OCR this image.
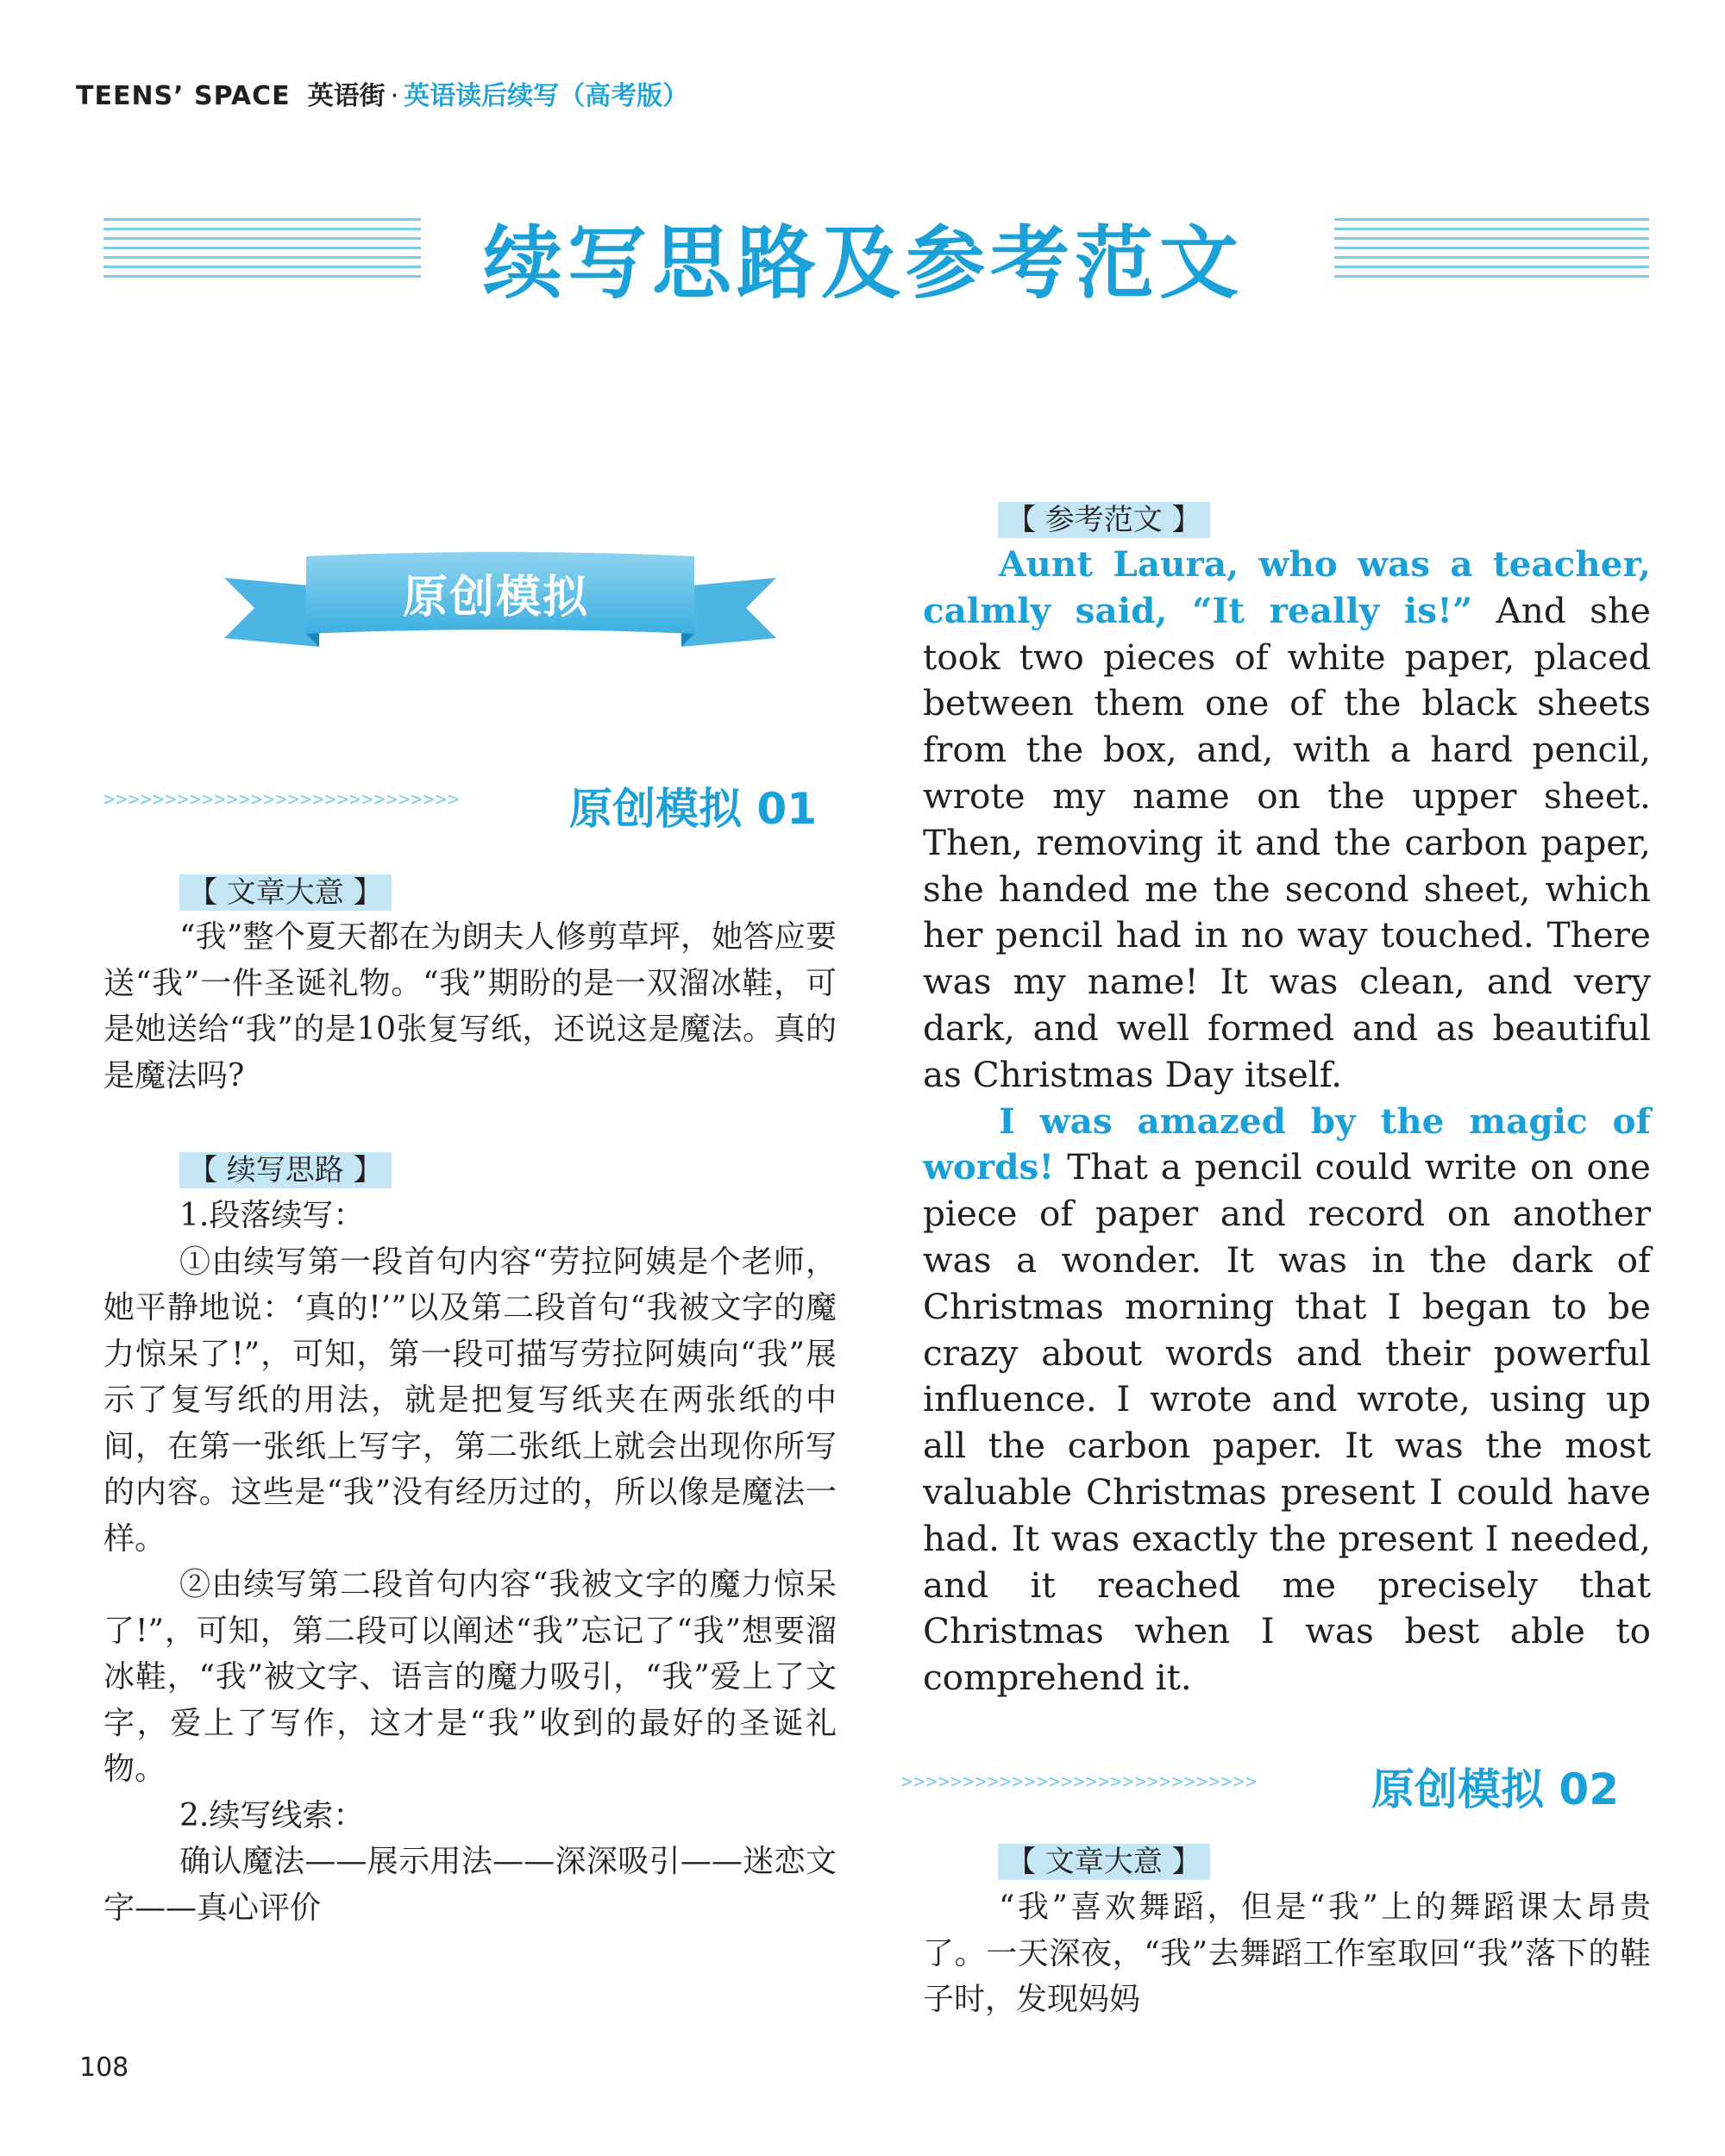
TEENS’ SPACE 英语街 · 英语读后续写（高考版）
续写思路及参考范文
原创模拟
>>>>>>>>>>>>>>>>>>>>>>>>>>>>>	原创模拟 01
【 文章大意 】

“我”整个夏天都在为朗夫人修剪草坪，她答应要送“我”一件圣诞礼物。“我”期盼的是一双溜冰鞋，可是她送给“我”的是10张复写纸，还说这是魔法。真的是魔法吗?

【 续写思路 】

1.段落续写：

①由续写第一段首句内容“劳拉阿姨是个老师，她平静地说：‘真的!’”以及第二段首句“我被文字的魔力惊呆了!”，可知，第一段可描写劳拉阿姨向“我”展示了复写纸的用法，就是把复写纸夹在两张纸的中间，在第一张纸上写字，第二张纸上就会出现你所写的内容。这些是“我”没有经历过的，所以像是魔法一样。

②由续写第二段首句内容“我被文字的魔力惊呆了!”，可知，第二段可以阐述“我”忘记了“我”想要溜冰鞋，“我”被文字、语言的魔力吸引，“我”爱上了文字，爱上了写作，这才是“我”收到的最好的圣诞礼物。

2.续写线索：

确认魔法——展示用法——深深吸引——迷恋文字——真心评价

【 参考范文 】

Aunt Laura, who was a teacher, calmly said, “It really is!” And she took two pieces of white paper, placed between them one of the black sheets from the box, and, with a hard pencil, wrote my name on the upper sheet. Then, removing it and the carbon paper, she handed me the second sheet, which her pencil had in no way touched. There was my name! It was clean, and very dark, and well formed and as beautiful as Christmas Day itself.

I was amazed by the magic of words! That a pencil could write on one piece of paper and record on another was a wonder. It was in the dark of Christmas morning that I began to be crazy about words and their powerful influence. I wrote and wrote, using up all the carbon paper. It was the most valuable Christmas present I could have had. It was exactly the present I needed, and it reached me precisely that Christmas when I was best able to comprehend it.

>>>>>>>>>>>>>>>>>>>>>>>>>>>>>	原创模拟 02
【 文章大意 】

“我”喜欢舞蹈，但是“我”上的舞蹈课太昂贵了。一天深夜，“我”去舞蹈工作室取回“我”落下的鞋子时，发现妈妈

108
